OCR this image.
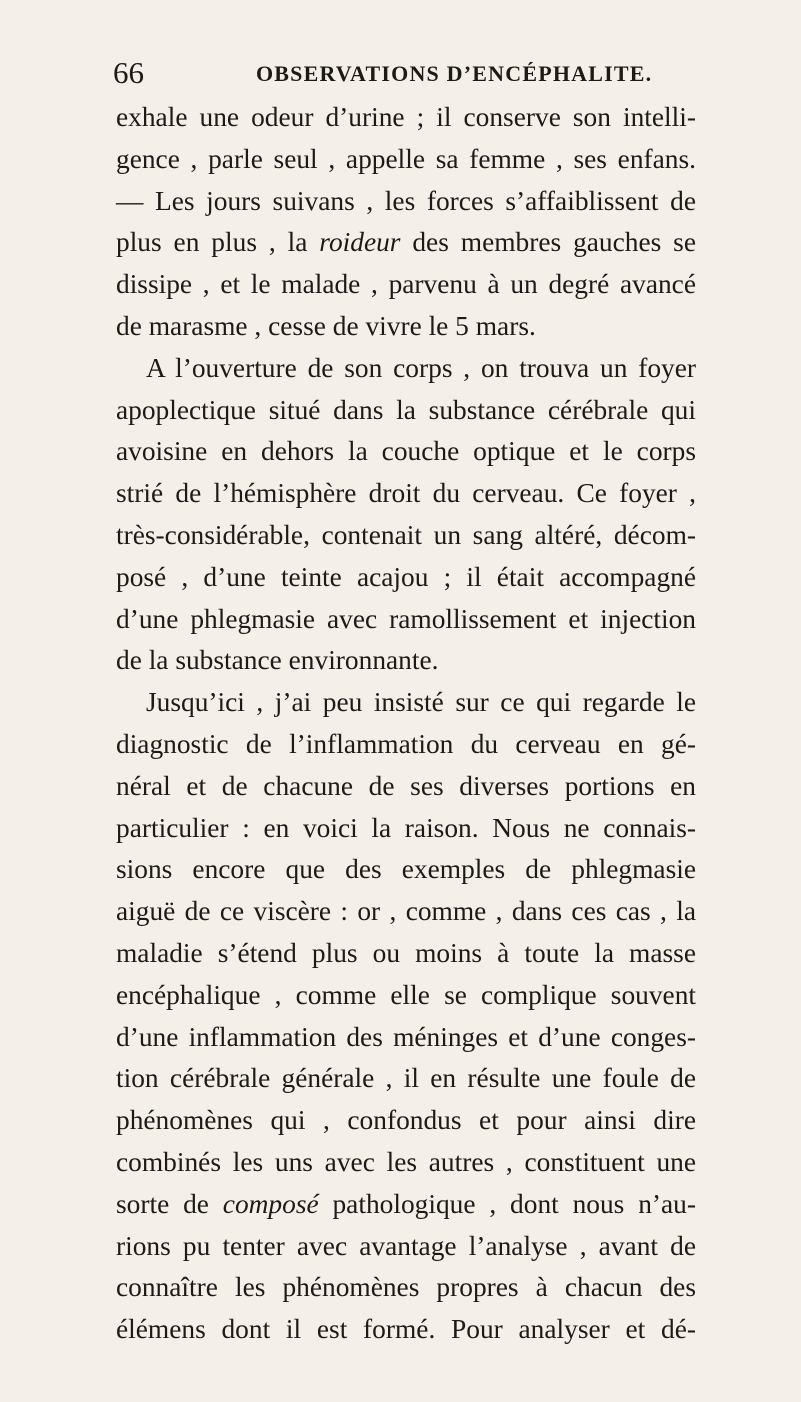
66	OBSERVATIONS D’ENCÉPHALITE.
exhale une odeur d’urine ; il conserve son intelli-
gence , parle seul , appelle sa femme , ses enfans.
— Les jours suivans , les forces s’affaiblissent de
plus en plus , la roideur des membres gauches se
dissipe , et le malade , parvenu à un degré avancé
de marasme , cesse de vivre le 5 mars.
A l’ouverture de son corps , on trouva un foyer
apoplectique situé dans la substance cérébrale qui
avoisine en dehors la couche optique et le corps
strié de l’hémisphère droit du cerveau. Ce foyer ,
très-considérable, contenait un sang altéré, décom-
posé , d’une teinte acajou ; il était accompagné
d’une phlegmasie avec ramollissement et injection
de la substance environnante.
Jusqu’ici , j’ai peu insisté sur ce qui regarde le
diagnostic de l’inflammation du cerveau en gé-
néral et de chacune de ses diverses portions en
particulier : en voici la raison. Nous ne connais-
sions encore que des exemples de phlegmasie
aiguë de ce viscère : or , comme , dans ces cas , la
maladie s’étend plus ou moins à toute la masse
encéphalique , comme elle se complique souvent
d’une inflammation des méninges et d’une conges-
tion cérébrale générale , il en résulte une foule de
phénomènes qui , confondus et pour ainsi dire
combinés les uns avec les autres , constituent une
sorte de composé pathologique , dont nous n’au-
rions pu tenter avec avantage l’analyse , avant de
connaître les phénomènes propres à chacun des
élémens dont il est formé. Pour analyser et dé-
